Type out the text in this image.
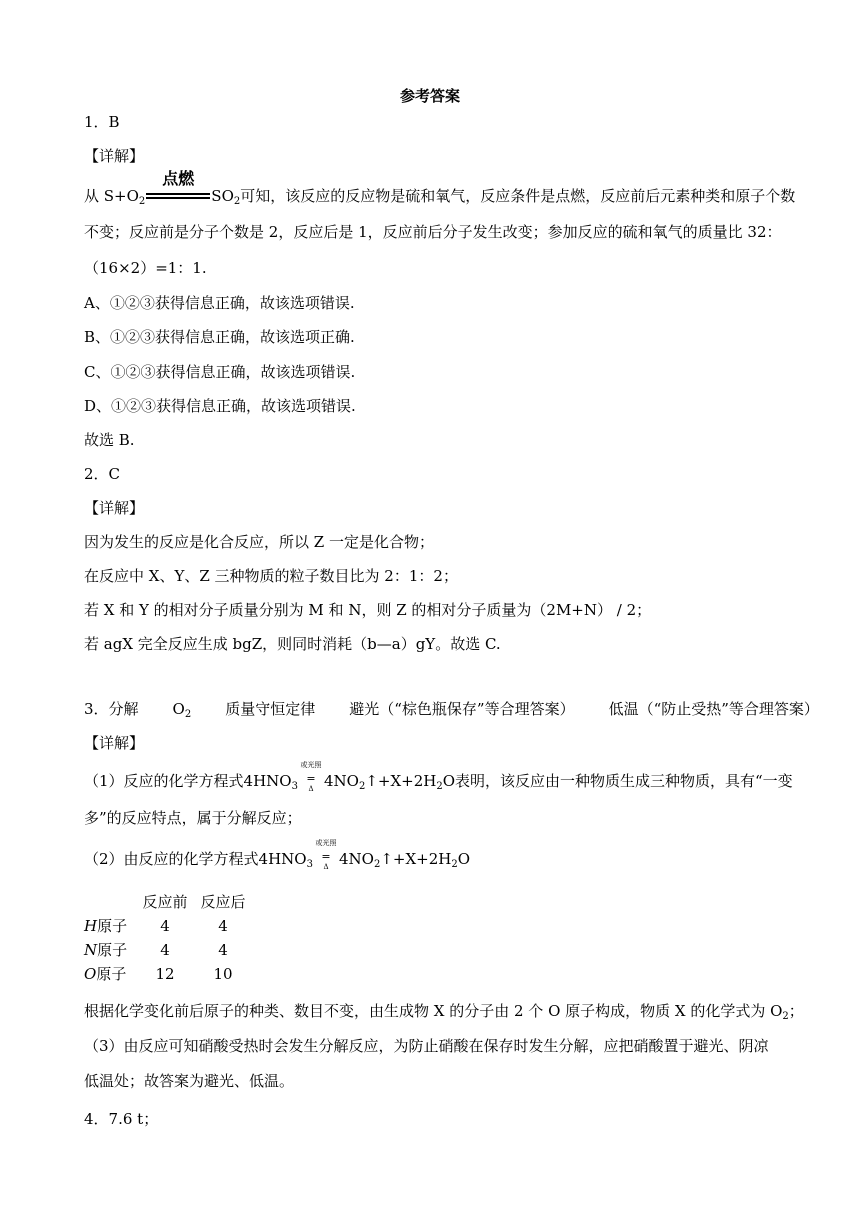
参考答案
1．B
【详解】
从 $S+O_2$
点燃
$SO_2$可知，该反应的反应物是硫和氧气，反应条件是点燃，反应前后元素种类和原子个数
不变；反应前是分子个数是 2，反应后是 1，反应前后分子发生改变；参加反应的硫和氧气的质量比 32：
（16×2）=1：1.
A、①②③获得信息正确，故该选项错误.
B、①②③获得信息正确，故该选项正确.
C、①②③获得信息正确，故该选项错误.
D、①②③获得信息正确，故该选项错误.
故选 B.
2．C
【详解】
因为发生的反应是化合反应，所以 Z 一定是化合物；
在反应中 X、Y、Z 三种物质的粒子数目比为 2：1：2；
若 X 和 Y 的相对分子质量分别为 M 和 N，则 Z 的相对分子质量为（2M+N） / 2；
若 agX 完全反应生成 bgZ，则同时消耗（b—a）gY。故选 C.
3．分解 $O_2$ 质量守恒定律 避光（“棕色瓶保存”等合理答案） 低温（“防止受热”等合理答案）
【详解】
（1）反应的化学方程式$4HNO_3$
或光照
=
Δ $4NO_2↑+X+2H_2O$表明，该反应由一种物质生成三种物质，具有“一变
多”的反应特点，属于分解反应；
（2）由反应的化学方程式$4HNO_3$
或光照
=
Δ $4NO_2↑+X+2H_2O$
反应前 反应后
H原子	4	4
N原子	4	4
O原子	12	10
根据化学变化前后原子的种类、数目不变，由生成物 X 的分子由 2 个 O 原子构成，物质 X 的化学式为 $O_2$；
（3）由反应可知硝酸受热时会发生分解反应，为防止硝酸在保存时发生分解，应把硝酸置于避光、阴凉
低温处；故答案为避光、低温。
4．7.6 t；
